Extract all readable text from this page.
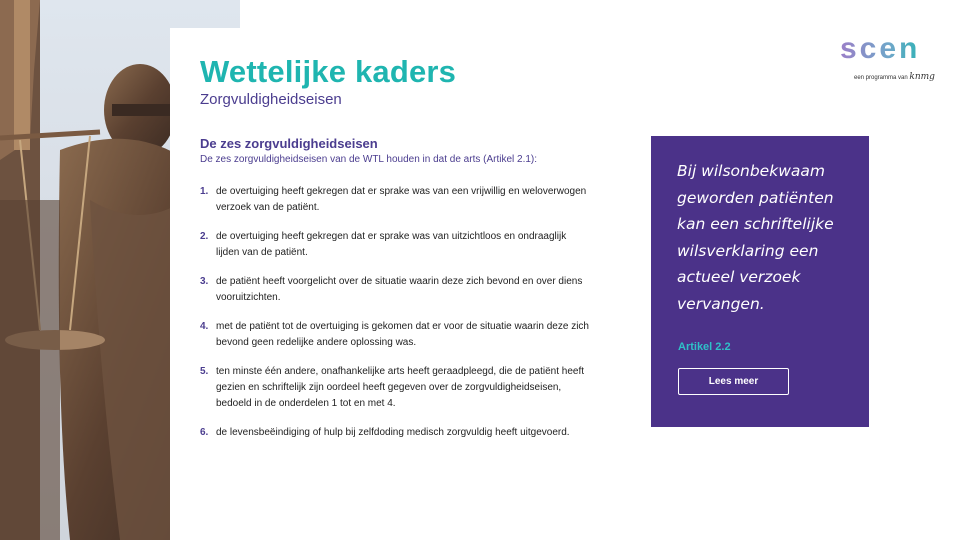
Wettelijke kaders
Zorgvuldigheidseisen
scen
een programma van knmg
De zes zorgvuldigheidseisen
De zes zorgvuldigheidseisen van de WTL houden in dat de arts (Artikel 2.1):
1. de overtuiging heeft gekregen dat er sprake was van een vrijwillig en weloverwogen verzoek van de patiënt.
2. de overtuiging heeft gekregen dat er sprake was van uitzichtloos en ondraaglijk lijden van de patiënt.
3. de patiënt heeft voorgelicht over de situatie waarin deze zich bevond en over diens vooruitzichten.
4. met de patiënt tot de overtuiging is gekomen dat er voor de situatie waarin deze zich bevond geen redelijke andere oplossing was.
5. ten minste één andere, onafhankelijke arts heeft geraadpleegd, die de patiënt heeft gezien en schriftelijk zijn oordeel heeft gegeven over de zorgvuldigheidseisen, bedoeld in de onderdelen 1 tot en met 4.
6. de levensbeëindiging of hulp bij zelfdoding medisch zorgvuldig heeft uitgevoerd.
Bij wilsonbekwaam geworden patiënten kan een schriftelijke wilsverklaring een actueel verzoek vervangen.
Artikel 2.2
Lees meer
